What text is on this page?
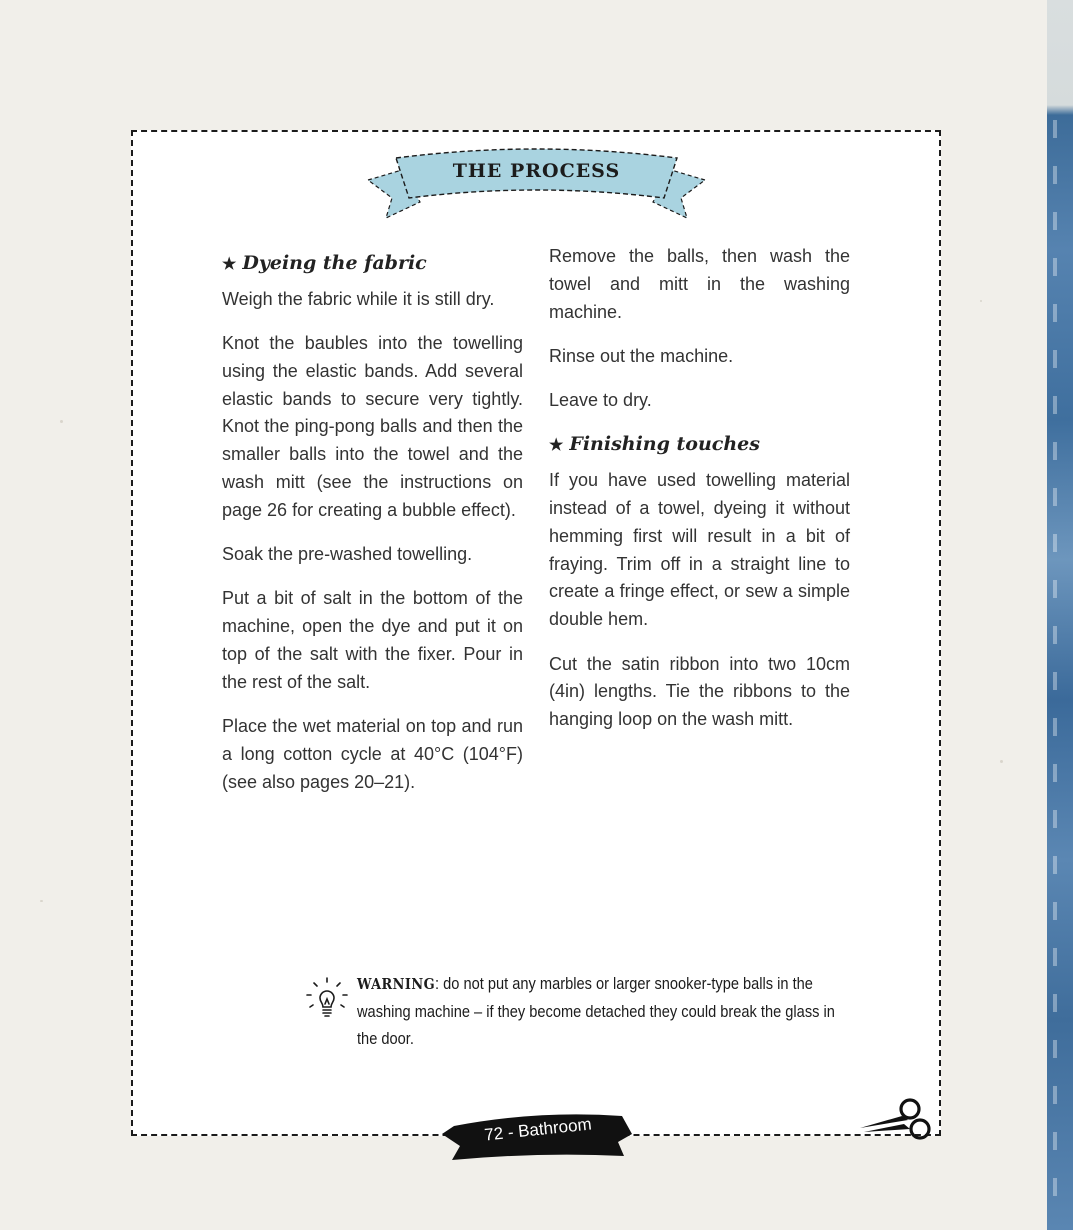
THE PROCESS
★ Dyeing the fabric

Weigh the fabric while it is still dry.

Knot the baubles into the towelling using the elastic bands. Add several elastic bands to secure very tightly. Knot the ping-pong balls and then the smaller balls into the towel and the wash mitt (see the instructions on page 26 for creating a bubble effect).

Soak the pre-washed towelling.

Put a bit of salt in the bottom of the machine, open the dye and put it on top of the salt with the fixer. Pour in the rest of the salt.

Place the wet material on top and run a long cotton cycle at 40°C (104°F) (see also pages 20–21).

Remove the balls, then wash the towel and mitt in the washing machine.

Rinse out the machine.

Leave to dry.

★ Finishing touches

If you have used towelling material instead of a towel, dyeing it without hemming first will result in a bit of fraying. Trim off in a straight line to create a fringe effect, or sew a simple double hem.

Cut the satin ribbon into two 10cm (4in) lengths. Tie the ribbons to the hanging loop on the wash mitt.

WARNING: do not put any marbles or larger snooker-type balls in the washing machine – if they become detached they could break the glass in the door.
72 - Bathroom
